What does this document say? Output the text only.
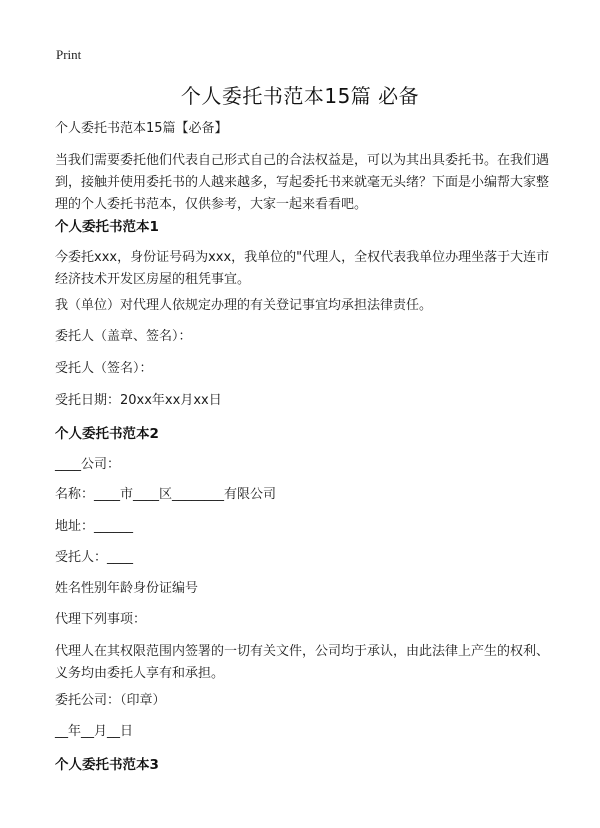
Print
个人委托书范本15篇 必备
个人委托书范本15篇【必备】
当我们需要委托他们代表自己形式自己的合法权益是，可以为其出具委托书。在我们遇到，接触并使用委托书的人越来越多，写起委托书来就毫无头绪？下面是小编帮大家整理的个人委托书范本，仅供参考，大家一起来看看吧。
个人委托书范本1
今委托xxx，身份证号码为xxx，我单位的"代理人，全权代表我单位办理坐落于大连市经济技术开发区房屋的租凭事宜。
我（单位）对代理人依规定办理的有关登记事宜均承担法律责任。
委托人（盖章、签名）：
受托人（签名）：
受托日期：20xx年xx月xx日
个人委托书范本2
____公司：
名称：____市____区________有限公司
地址：______
受托人：____
姓名性别年龄身份证编号
代理下列事项：
代理人在其权限范围内签署的一切有关文件，公司均于承认，由此法律上产生的权利、义务均由委托人享有和承担。
委托公司：（印章）
__年__月__日
个人委托书范本3
